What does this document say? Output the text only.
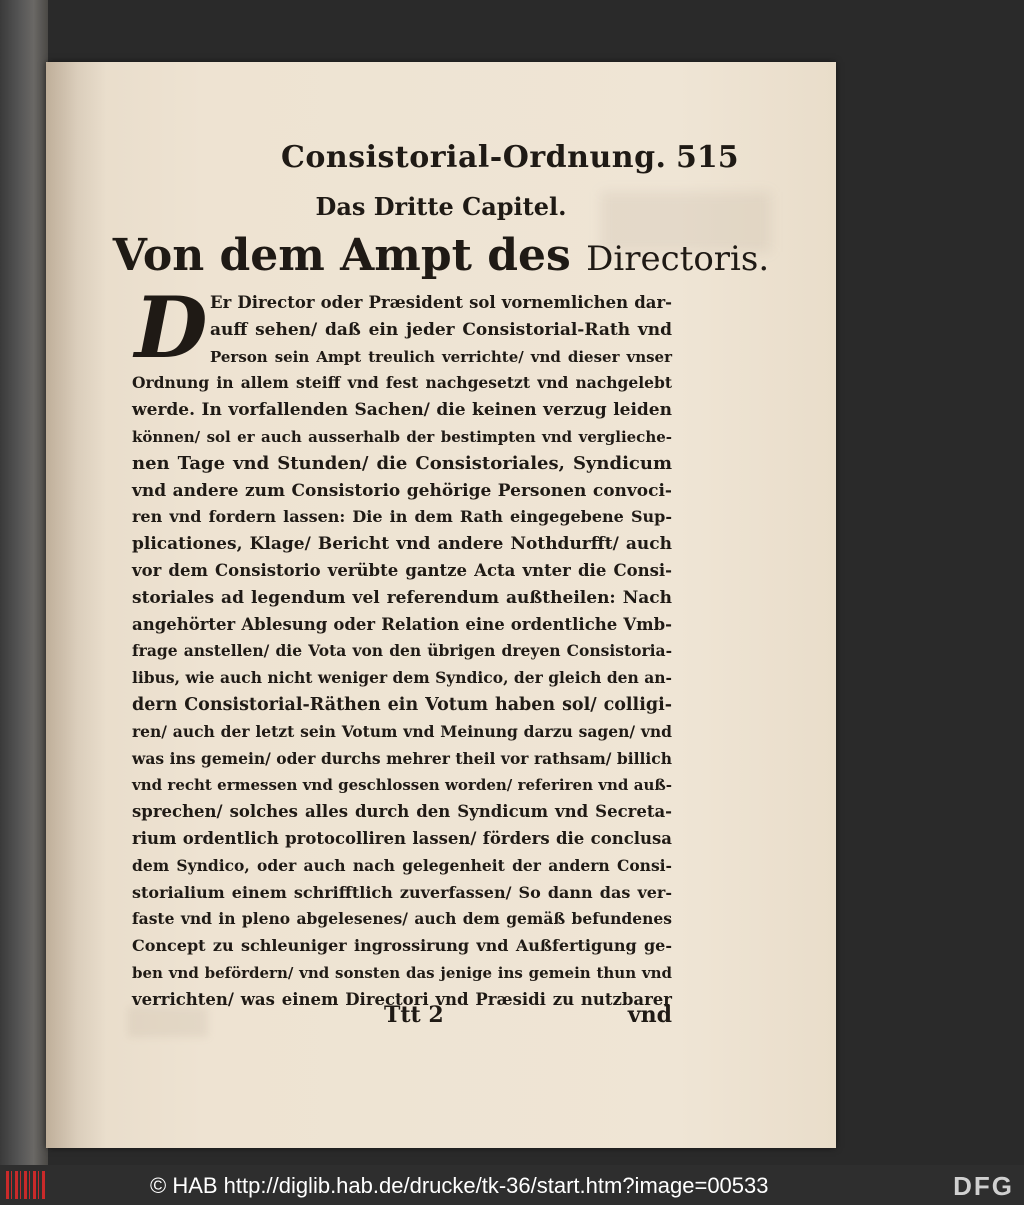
Consistorial-Ordnung. 515
Das Dritte Capitel.
Von dem Ampt des Directoris.
D Er Director oder Præsident sol vornemlichen dar-
auff sehen/ daß ein jeder Consistorial-Rath vnd
Person sein Ampt treulich verrichte/ vnd dieser vnser
Ordnung in allem steiff vnd fest nachgesetzt vnd nachgelebt
werde. In vorfallenden Sachen/ die keinen verzug leiden
können/ sol er auch ausserhalb der bestimpten vnd verglieche-
nen Tage vnd Stunden/ die Consistoriales, Syndicum
vnd andere zum Consistorio gehörige Personen convoci-
ren vnd fordern lassen: Die in dem Rath eingegebene Sup-
plicationes, Klage/ Bericht vnd andere Nothdurfft/ auch
vor dem Consistorio verübte gantze Acta vnter die Consi-
storiales ad legendum vel referendum außtheilen: Nach
angehörter Ablesung oder Relation eine ordentliche Vmb-
frage anstellen/ die Vota von den übrigen dreyen Consistoria-
libus, wie auch nicht weniger dem Syndico, der gleich den an-
dern Consistorial-Räthen ein Votum haben sol/ colligi-
ren/ auch der letzt sein Votum vnd Meinung darzu sagen/ vnd
was ins gemein/ oder durchs mehrer theil vor rathsam/ billich
vnd recht ermessen vnd geschlossen worden/ referiren vnd auß-
sprechen/ solches alles durch den Syndicum vnd Secreta-
rium ordentlich protocolliren lassen/ förders die conclusa
dem Syndico, oder auch nach gelegenheit der andern Consi-
storialium einem schrifftlich zuverfassen/ So dann das ver-
faste vnd in pleno abgelesenes/ auch dem gemäß befundenes
Concept zu schleuniger ingrossirung vnd Außfertigung ge-
ben vnd befördern/ vnd sonsten das jenige ins gemein thun vnd
verrichten/ was einem Directori vnd Præsidi zu nutzbarer
Ttt 2	vnd
© HAB http://diglib.hab.de/drucke/tk-36/start.htm?image=00533	DFG
